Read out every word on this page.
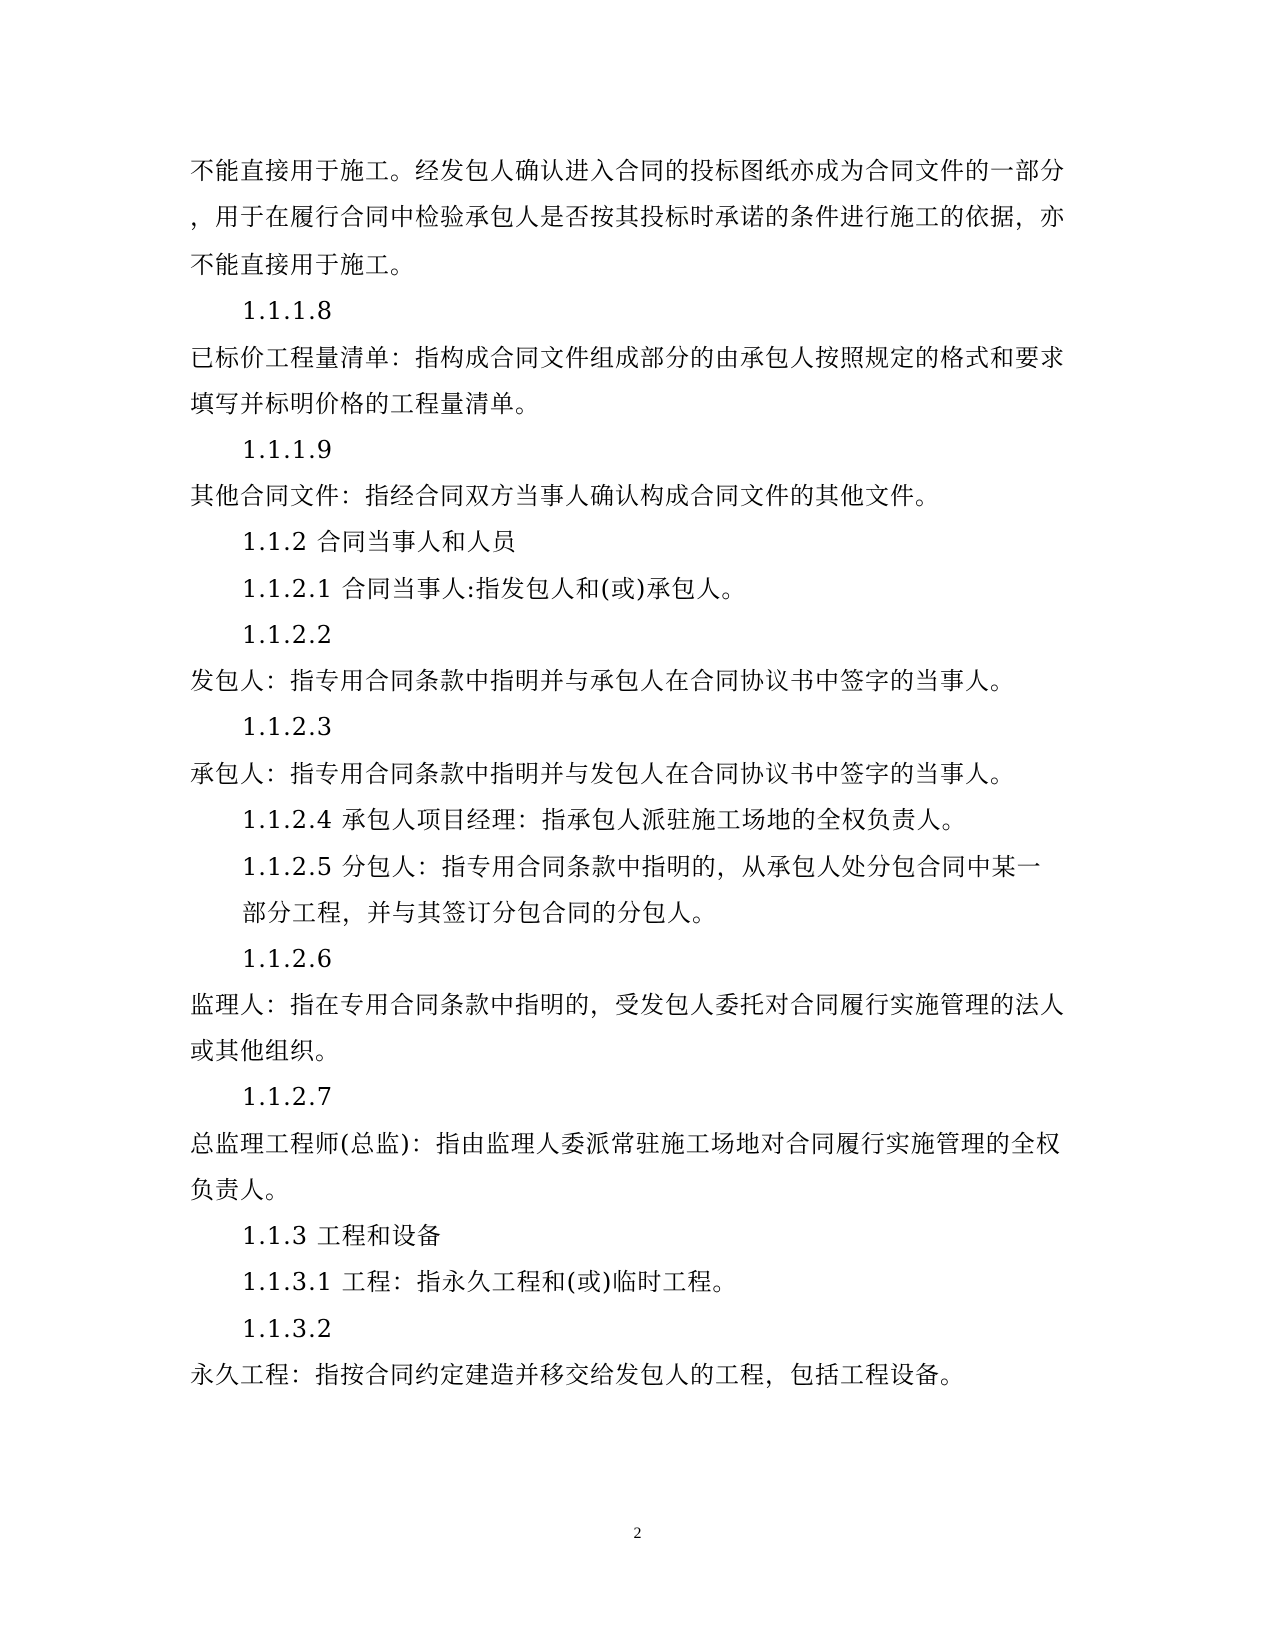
不能直接用于施工。经发包人确认进入合同的投标图纸亦成为合同文件的一部分

，用于在履行合同中检验承包人是否按其投标时承诺的条件进行施工的依据，亦

不能直接用于施工。

1.1.1.8

已标价工程量清单：指构成合同文件组成部分的由承包人按照规定的格式和要求

填写并标明价格的工程量清单。

1.1.1.9

其他合同文件：指经合同双方当事人确认构成合同文件的其他文件。

1.1.2 合同当事人和人员

1.1.2.1 合同当事人:指发包人和(或)承包人。

1.1.2.2

发包人：指专用合同条款中指明并与承包人在合同协议书中签字的当事人。

1.1.2.3

承包人：指专用合同条款中指明并与发包人在合同协议书中签字的当事人。

1.1.2.4 承包人项目经理：指承包人派驻施工场地的全权负责人。

1.1.2.5 分包人：指专用合同条款中指明的，从承包人处分包合同中某一

部分工程，并与其签订分包合同的分包人。

1.1.2.6

监理人：指在专用合同条款中指明的，受发包人委托对合同履行实施管理的法人

或其他组织。

1.1.2.7

总监理工程师(总监)：指由监理人委派常驻施工场地对合同履行实施管理的全权

负责人。

1.1.3 工程和设备

1.1.3.1 工程：指永久工程和(或)临时工程。

1.1.3.2

永久工程：指按合同约定建造并移交给发包人的工程，包括工程设备。

2
